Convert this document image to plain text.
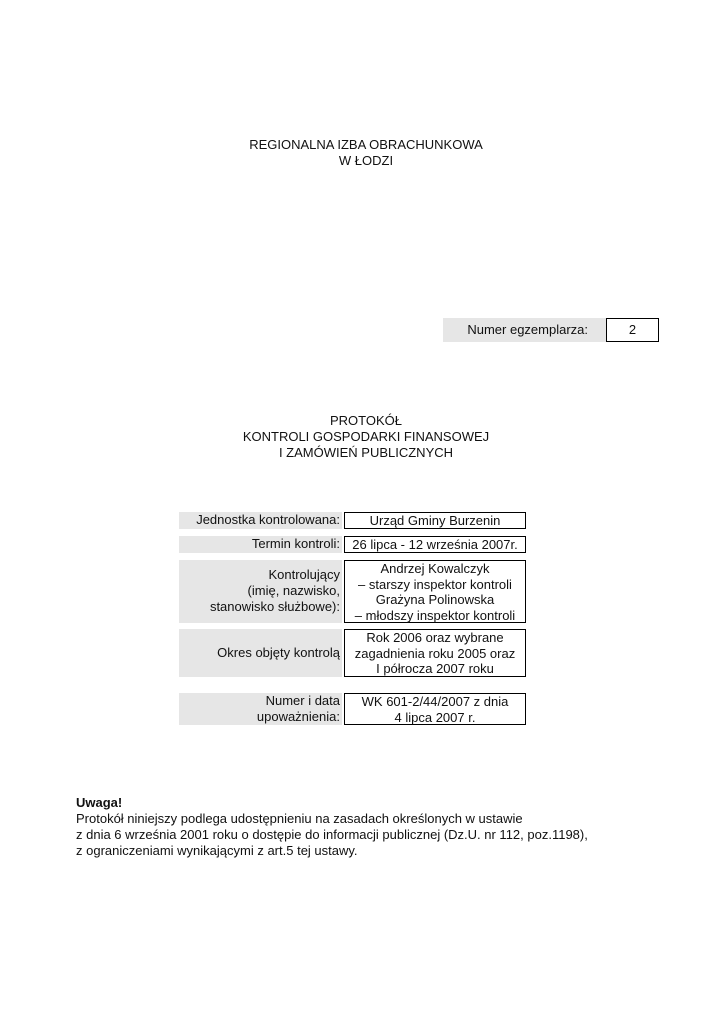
REGIONALNA IZBA OBRACHUNKOWA
W ŁODZI
Numer egzemplarza:	2
PROTOKÓŁ
KONTROLI GOSPODARKI FINANSOWEJ
I ZAMÓWIEŃ PUBLICZNYCH
Jednostka kontrolowana:	Urząd Gminy Burzenin
Termin kontroli: 26 lipca - 12 września 2007r.
Kontrolujący
(imię, nazwisko,
stanowisko służbowe):
Andrzej Kowalczyk
– starszy inspektor kontroli
Grażyna Polinowska
– młodszy inspektor kontroli
Okres objęty kontrolą
Rok 2006 oraz wybrane
zagadnienia roku 2005 oraz
I półrocza 2007 roku
Numer i data
upoważnienia:
WK 601-2/44/2007 z dnia
4 lipca 2007 r.
Uwaga!
Protokół niniejszy podlega udostępnieniu na zasadach określonych w ustawie
z dnia 6 września 2001 roku o dostępie do informacji publicznej (Dz.U. nr 112, poz.1198),
z ograniczeniami wynikającymi z art.5 tej ustawy.
